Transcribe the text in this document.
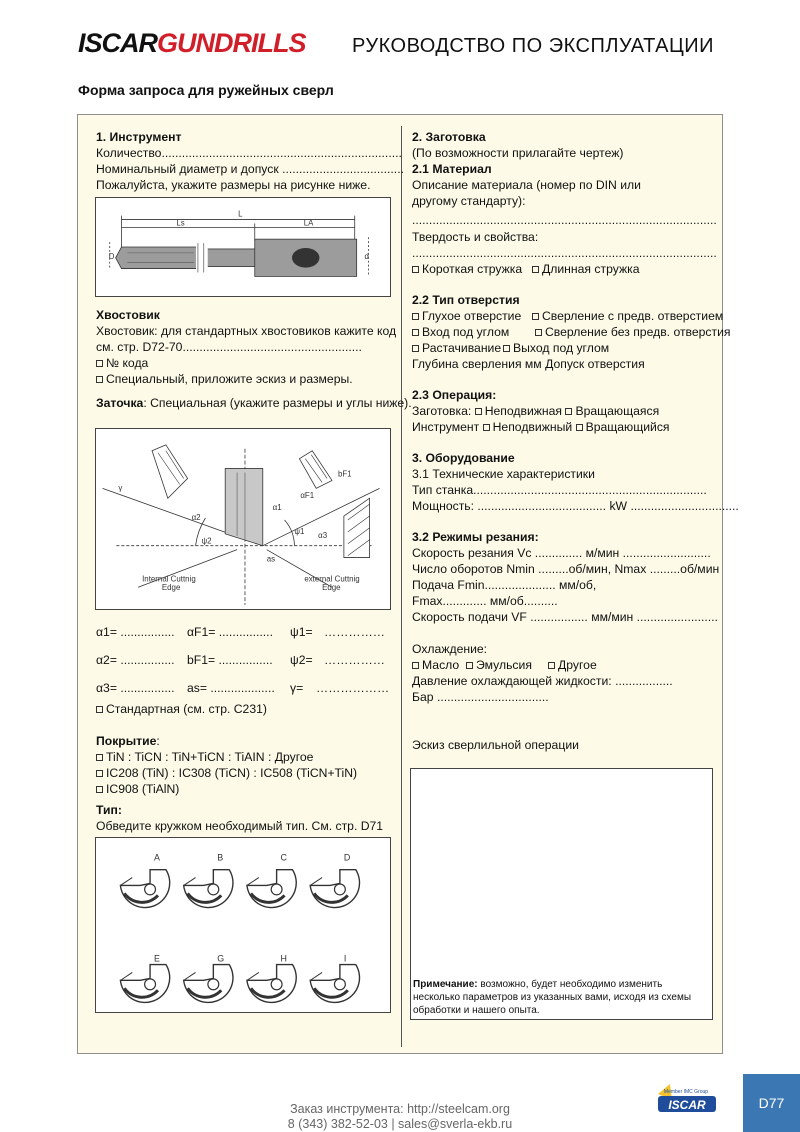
ISCARGUNDRILLS РУКОВОДСТВО ПО ЭКСПЛУАТАЦИИ
Форма запроса для ружейных сверл
1. Инструмент
Количество.......................................................................
Номинальный диаметр и допуск ....................................
Пожалуйста, укажите размеры на рисунке ниже.
L
Ls	LA
D	d
Хвостовик
Хвостовик: для стандартных хвостовиков кажите код
см. стр. D72-70.....................................................
№ кода
Специальный, приложите эскиз и размеры.
Заточка: Специальная (укажите размеры и углы ниже).
γ
α2
ψ2
α1
αF1
bF1
ψ1 α3
as
Internal Cuttnig
Edge
external Cuttnig
Edge
α1= ................ αF1= ................ ψ1= ……………
α2= ................ bF1= ................ ψ2= ……………
α3= ................ as= ................... γ= ………………
Стандартная (см. стр. C231)
Покрытие:
TiN : TiCN : TiN+TiCN : TiAIN : Другое
IC208 (TiN) : IC308 (TiCN) : IC508 (TiCN+TiN)
IC908 (TiAlN)
Тип:
Обведите кружком необходимый тип. См. стр. D71
A	B	C	D
E	G	H	I
2. Заготовка
(По возможности прилагайте чертеж)
2.1 Материал
Описание материала (номер по DIN или
другому стандарту):
..........................................................................................
Твердость и свойства:
..........................................................................................
Короткая стружка	Длинная стружка
2.2 Тип отверстия
Глухое отверстие	Сверление с предв. отверстием
Вход под углом	Сверление без предв. отверстия
Растачивание Выход под углом
Глубина сверления мм Допуск отверстия
2.3 Операция:
Заготовка: Неподвижная Вращающаяся
Инструмент Неподвижный Вращающийся
3. Оборудование
3.1 Технические характеристики
Тип станка.....................................................................
Мощность: ...................................... kW ................................
3.2 Режимы резания:
Скорость резания Vc .............. м/мин ..........................
Число оборотов Nmin .........об/мин, Nmax .........об/мин
Подача Fmin..................... мм/об,
Fmax............. мм/об..........
Скорость подачи VF ................. мм/мин ........................
Охлаждение:
Масло	Эмульсия	Другое
Давление охлаждающей жидкости: .................
Бар .................................
Эскиз сверлильной операции
Примечание: возможно, будет необходимо изменить несколько параметров из указанных вами, исходя из схемы обработки и нашего опыта.
Заказ инструмента: http://steelcam.org
8 (343) 382-52-03 | sales@sverla-ekb.ru
Member IMC Group
ISCAR	D77
